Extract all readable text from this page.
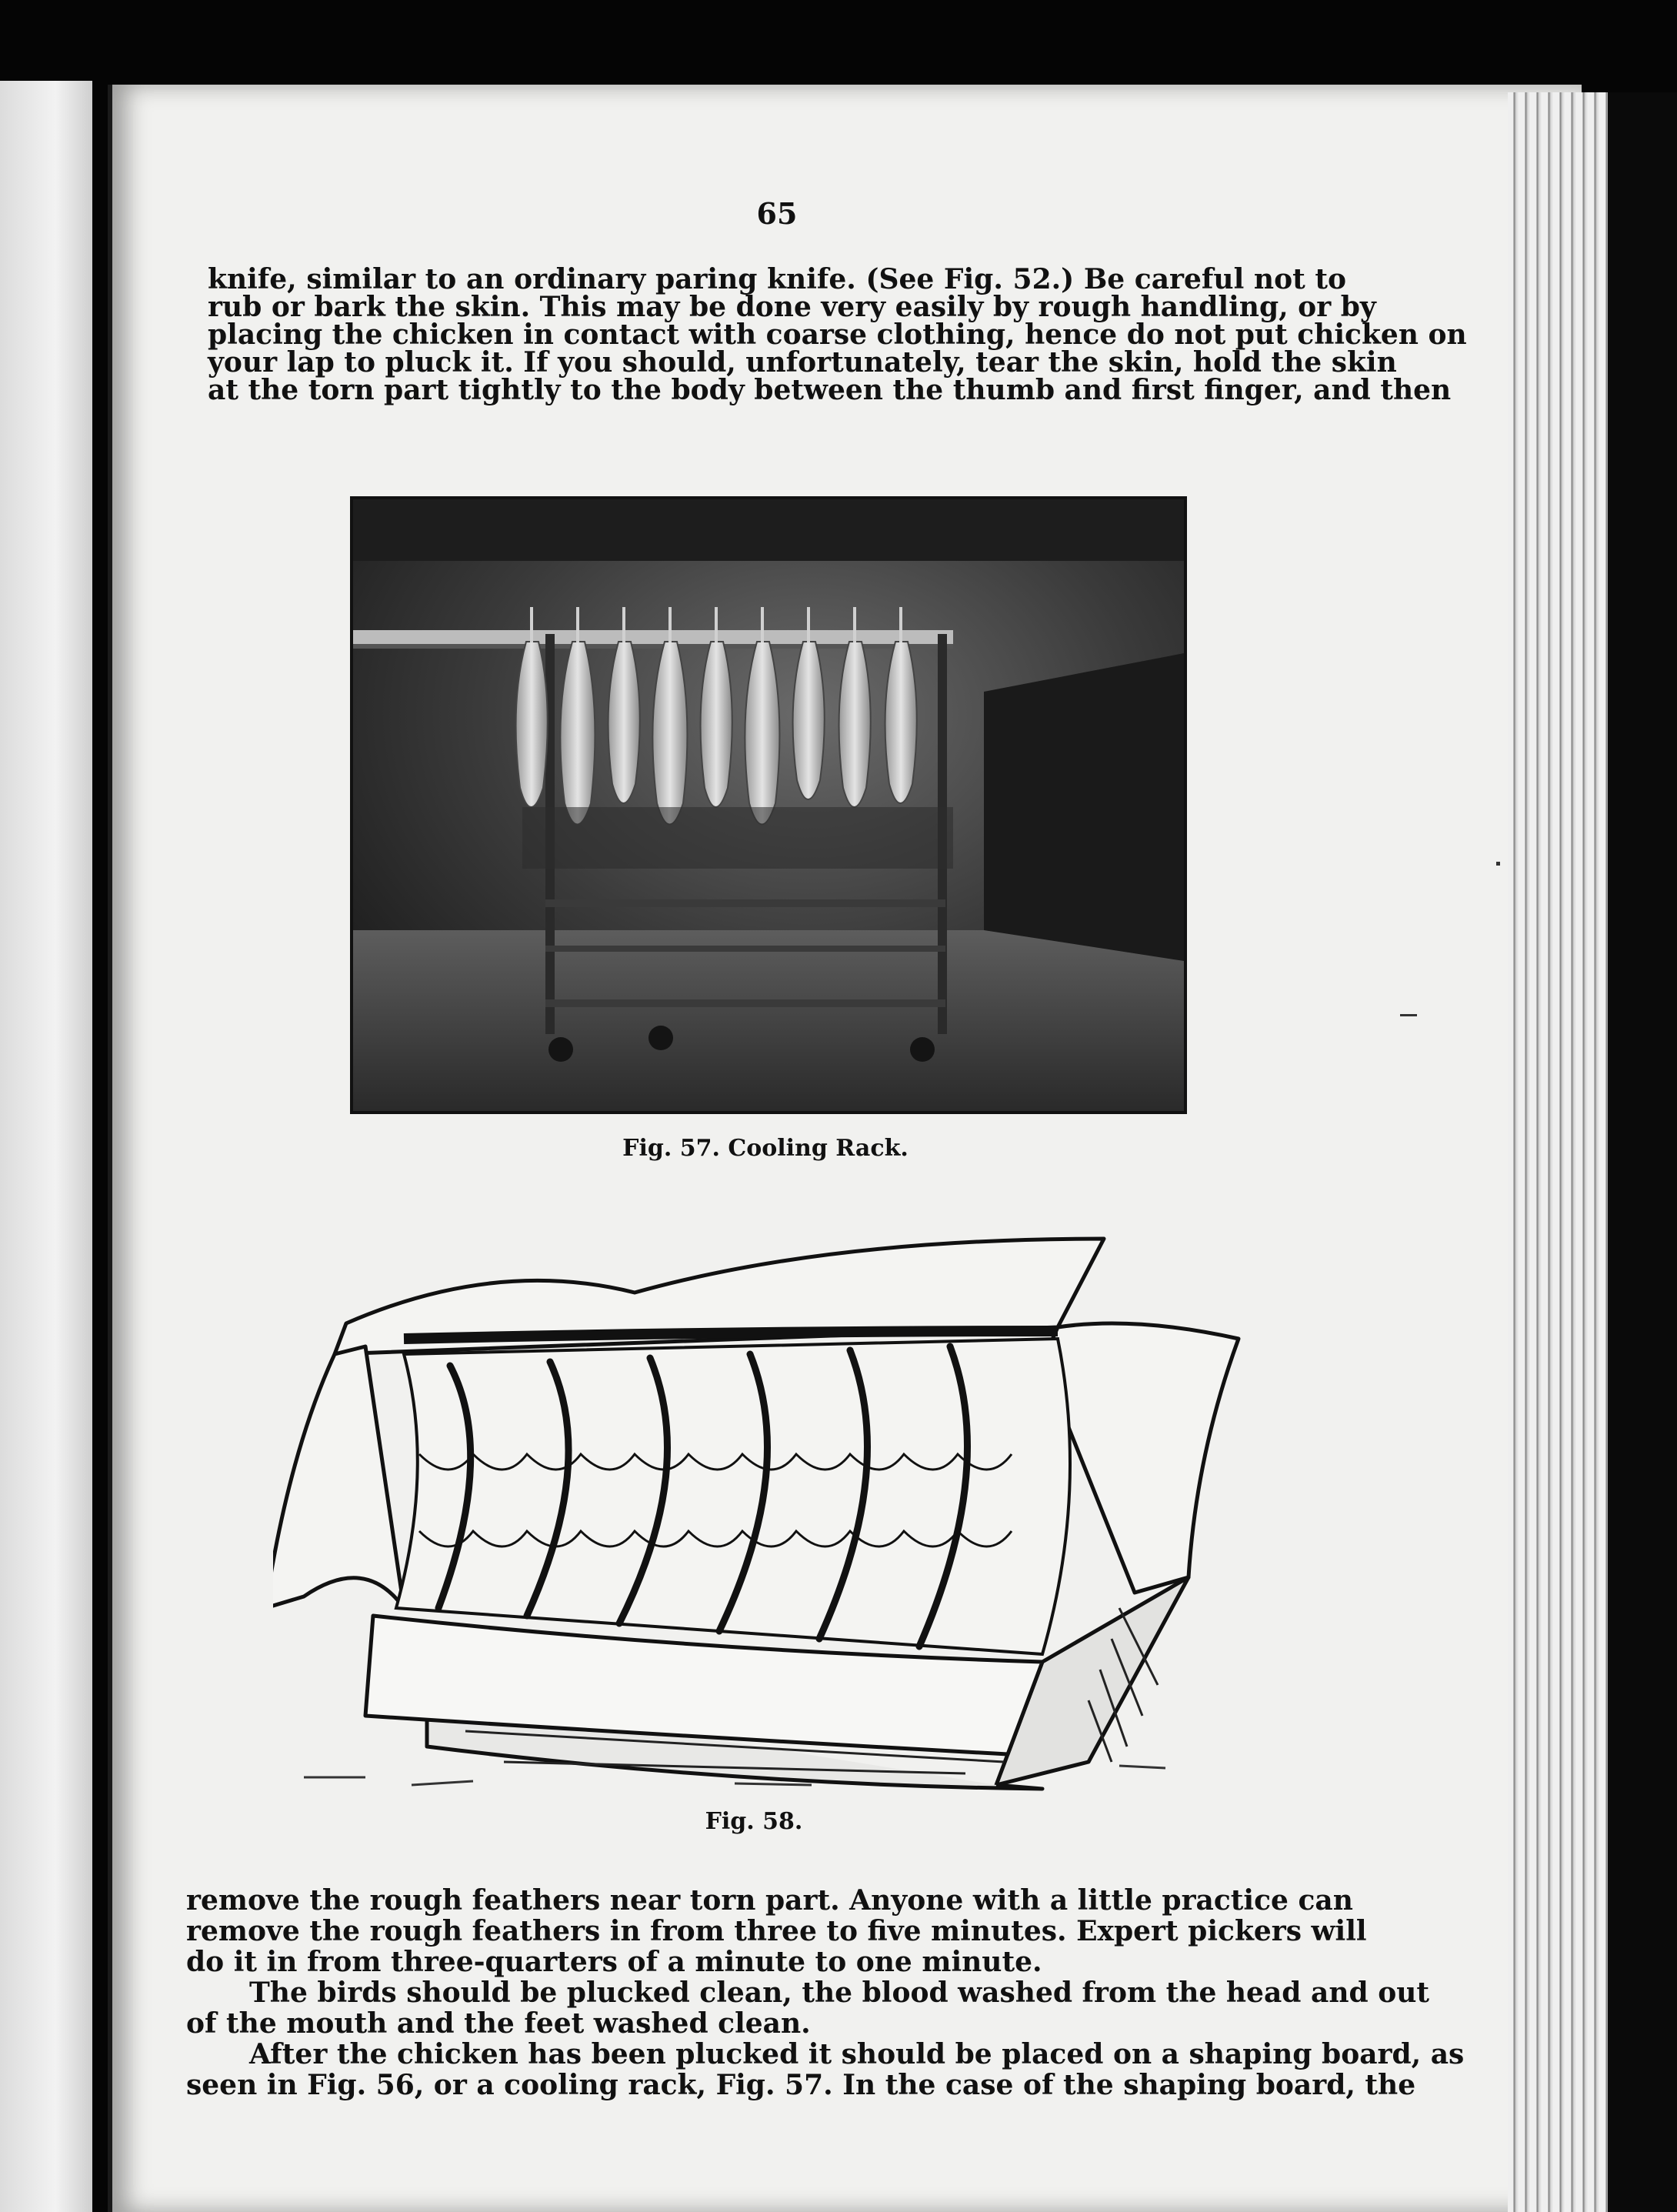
65

knife, similar to an ordinary paring knife. (See Fig. 52.) Be careful not to
rub or bark the skin. This may be done very easily by rough handling, or by
placing the chicken in contact with coarse clothing, hence do not put chicken on
your lap to pluck it. If you should, unfortunately, tear the skin, hold the skin
at the torn part tightly to the body between the thumb and first finger, and then

Fig. 57. Cooling Rack.
Fig. 58.
remove the rough feathers near torn part. Anyone with a little practice can
remove the rough feathers in from three to five minutes. Expert pickers will
do it in from three-quarters of a minute to one minute.
The birds should be plucked clean, the blood washed from the head and out
of the mouth and the feet washed clean.
After the chicken has been plucked it should be placed on a shaping board, as
seen in Fig. 56, or a cooling rack, Fig. 57. In the case of the shaping board, the
